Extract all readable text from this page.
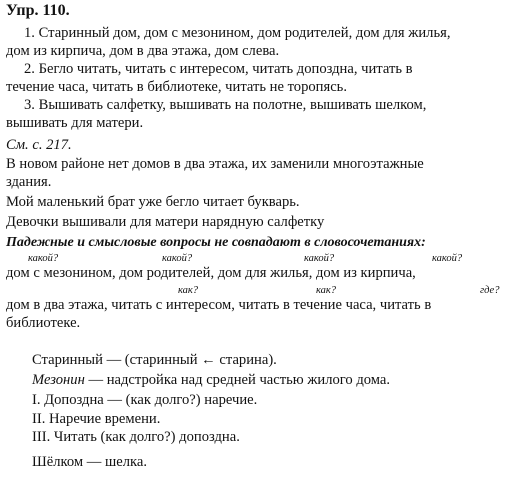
Упр. 110.
1. Старинный дом, дом с мезонином, дом родителей, дом для жилья,
дом из кирпича, дом в два этажа, дом слева.
2. Бегло читать, читать с интересом, читать допоздна, читать в
течение часа, читать в библиотеке, читать не торопясь.
3. Вышивать салфетку, вышивать на полотне, вышивать шелком,
вышивать для матери.
См. с. 217.
В новом районе нет домов в два этажа, их заменили многоэтажные
здания.
Мой маленький брат уже бегло читает букварь.
Девочки вышивали для матери нарядную салфетку
Падежные и смысловые вопросы не совпадают в словосочетаниях:
какой?	какой?	какой?	какой?
дом с мезонином, дом родителей, дом для жилья, дом из кирпича,
как?	как?	где?
дом в два этажа, читать с интересом, читать в течение часа, читать в
библиотеке.
Старинный — (старинный ← старина).
Мезонин — надстройка над средней частью жилого дома.
I. Допоздна — (как долго?) наречие.
II. Наречие времени.
III. Читать (как долго?) допоздна.
Шёлком — шелка.
